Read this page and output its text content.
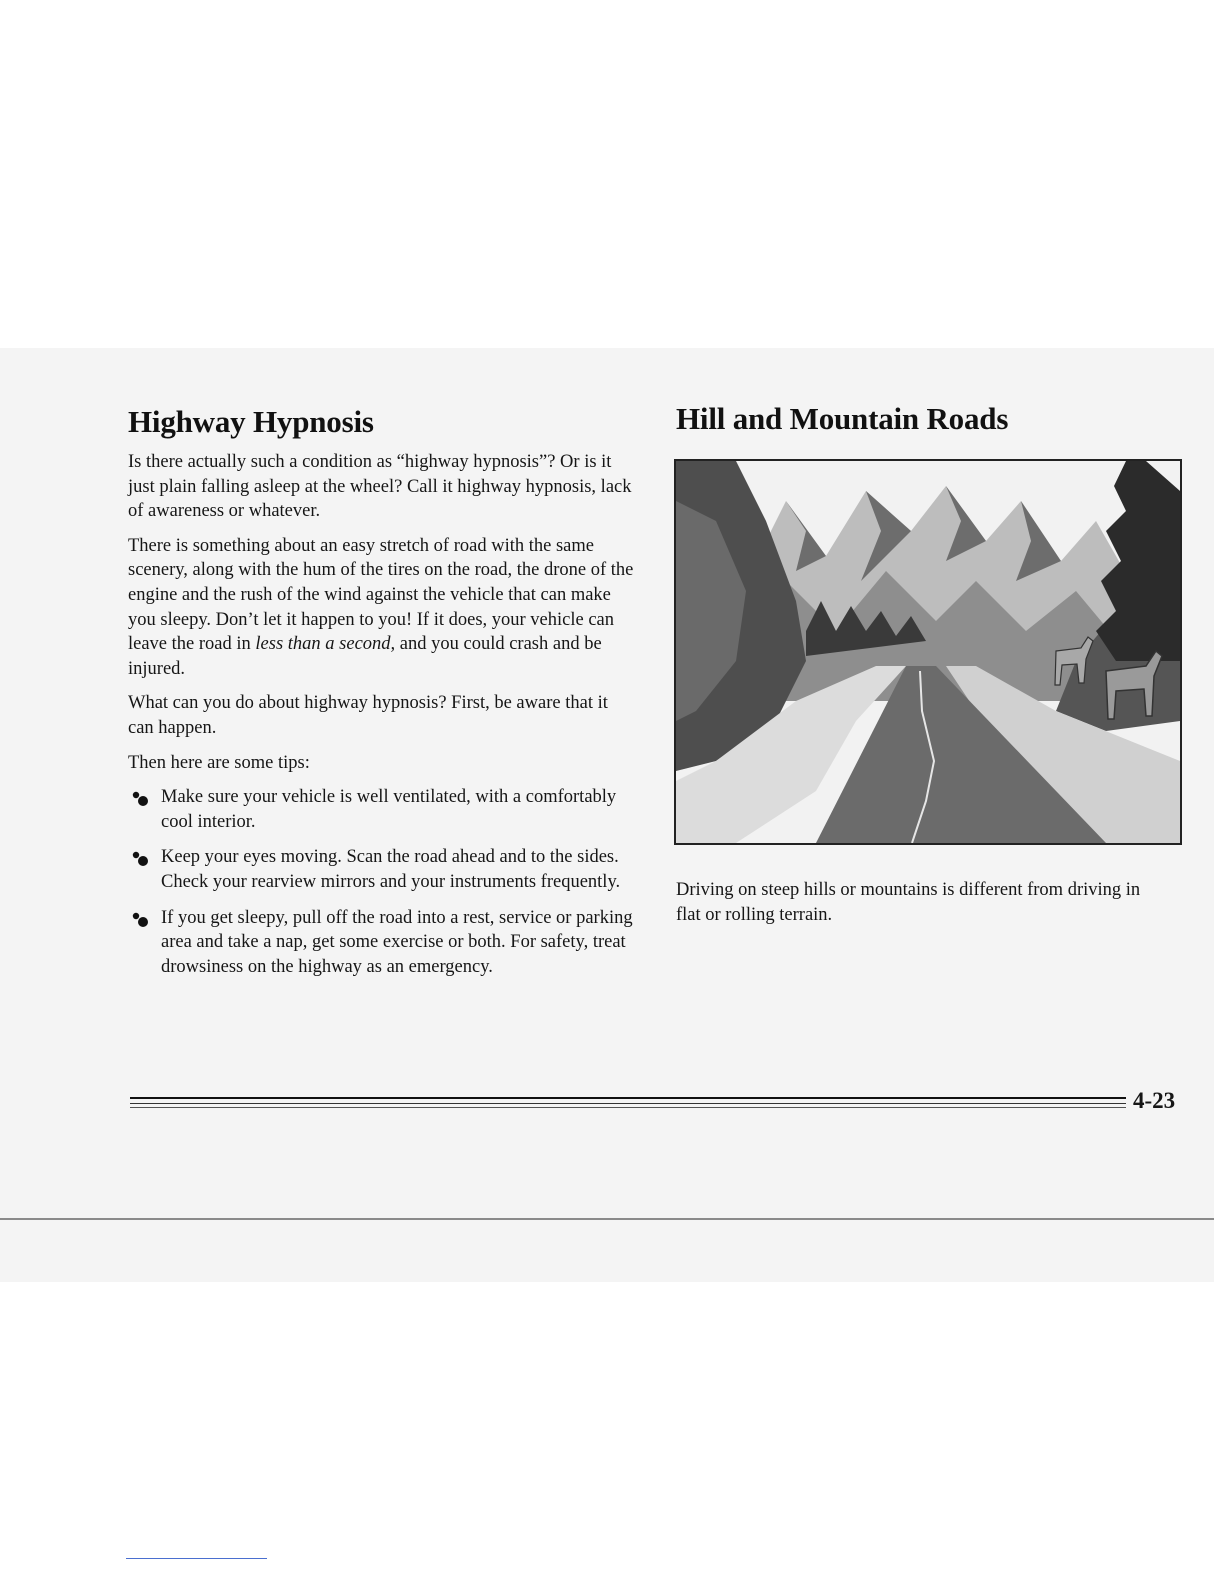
Highway Hypnosis

Is there actually such a condition as “highway hypnosis”? Or is it just plain falling asleep at the wheel? Call it highway hypnosis, lack of awareness or whatever.

There is something about an easy stretch of road with the same scenery, along with the hum of the tires on the road, the drone of the engine and the rush of the wind against the vehicle that can make you sleepy. Don’t let it happen to you! If it does, your vehicle can leave the road in less than a second, and you could crash and be injured.

What can you do about highway hypnosis? First, be aware that it can happen.

Then here are some tips:

Make sure your vehicle is well ventilated, with a comfortably cool interior.
Keep your eyes moving. Scan the road ahead and to the sides. Check your rearview mirrors and your instruments frequently.
If you get sleepy, pull off the road into a rest, service or parking area and take a nap, get some exercise or both. For safety, treat drowsiness on the highway as an emergency.
Hill and Mountain Roads

Driving on steep hills or mountains is different from driving in flat or rolling terrain.

4-23
